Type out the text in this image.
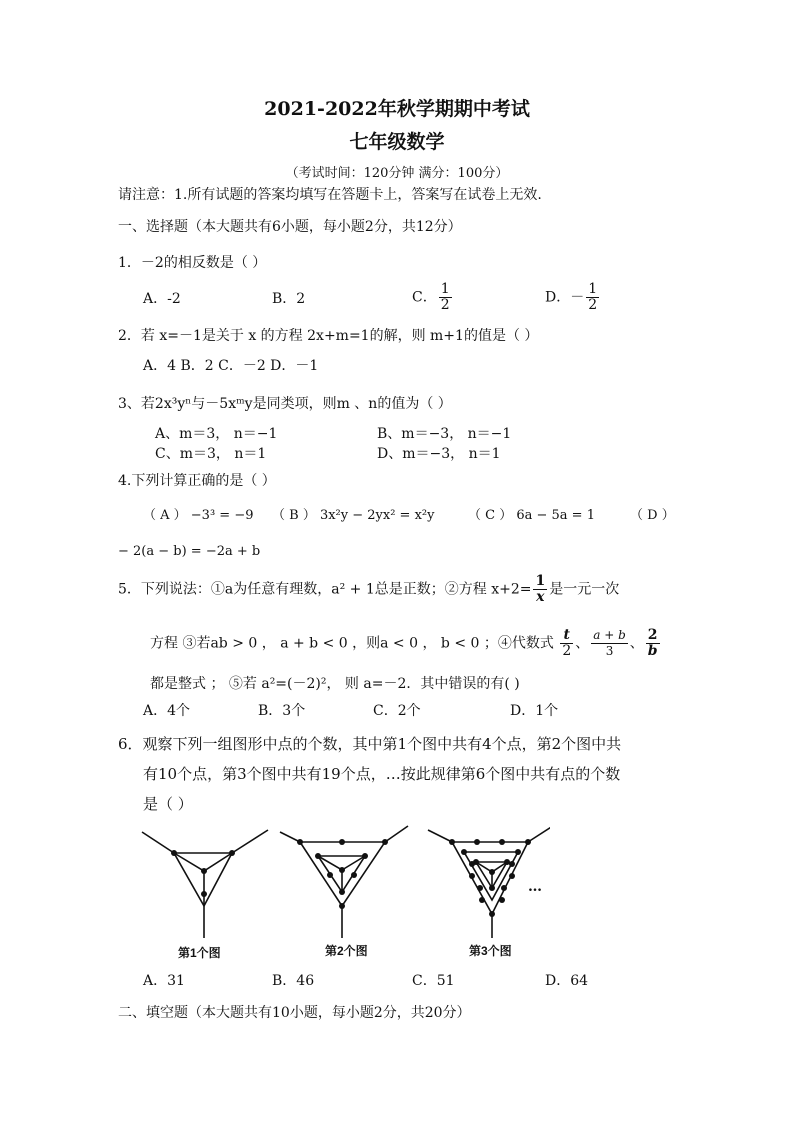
2021-2022年秋学期期中考试
七年级数学
（考试时间：120分钟 满分：100分）
请注意：1.所有试题的答案均填写在答题卡上，答案写在试卷上无效.
一、选择题（本大题共有6小题，每小题2分，共12分）
1．－2的相反数是（ ）
A．-2	B．2	C． $\frac{1}{2}$	D．－ $\frac{1}{2}$
2．若 x=－1是关于 x 的方程 2x+m=1的解，则 m+1的值是（ ）
A．4 B．2 C．－2 D．－1
3、若2x³yⁿ与－5xᵐy是同类项，则m 、n的值为（ ）
A、m＝3， n＝−1	B、m＝−3， n＝−1
C、m＝3， n＝1	D、m＝−3， n＝1
4.下列计算正确的是（ ）
（ A ） −3³ = −9 （ B ） 3x²y − 2yx² = x²y	（ C ） 6a − 5a = 1	（ D ）
− 2(a − b) = −2a + b
5．下列说法：①a为任意有理数，a² + 1总是正数；②方程 $x+2= \frac{1}{x}$ 是一元一次
方程 ③若ab > 0 ， a + b < 0 ，则a < 0 ， b < 0 ；④代数式 $\frac{t}{2}$ 、 $\frac{a + b}{3}$ 、 $\frac{2}{b}$
都是整式 ； ⑤若 a²=(－2)²， 则 a=－2．其中错误的有( )
A．4个	B．3个	C．2个	D．1个
6．观察下列一组图形中点的个数，其中第1个图中共有4个点，第2个图中共
有10个点，第3个图中共有19个点，…按此规律第6个图中共有点的个数
是（ ）
第1个图	第2个图	第3个图
…
A．31	B．46	C．51	D．64
二、填空题（本大题共有10小题，每小题2分，共20分）
